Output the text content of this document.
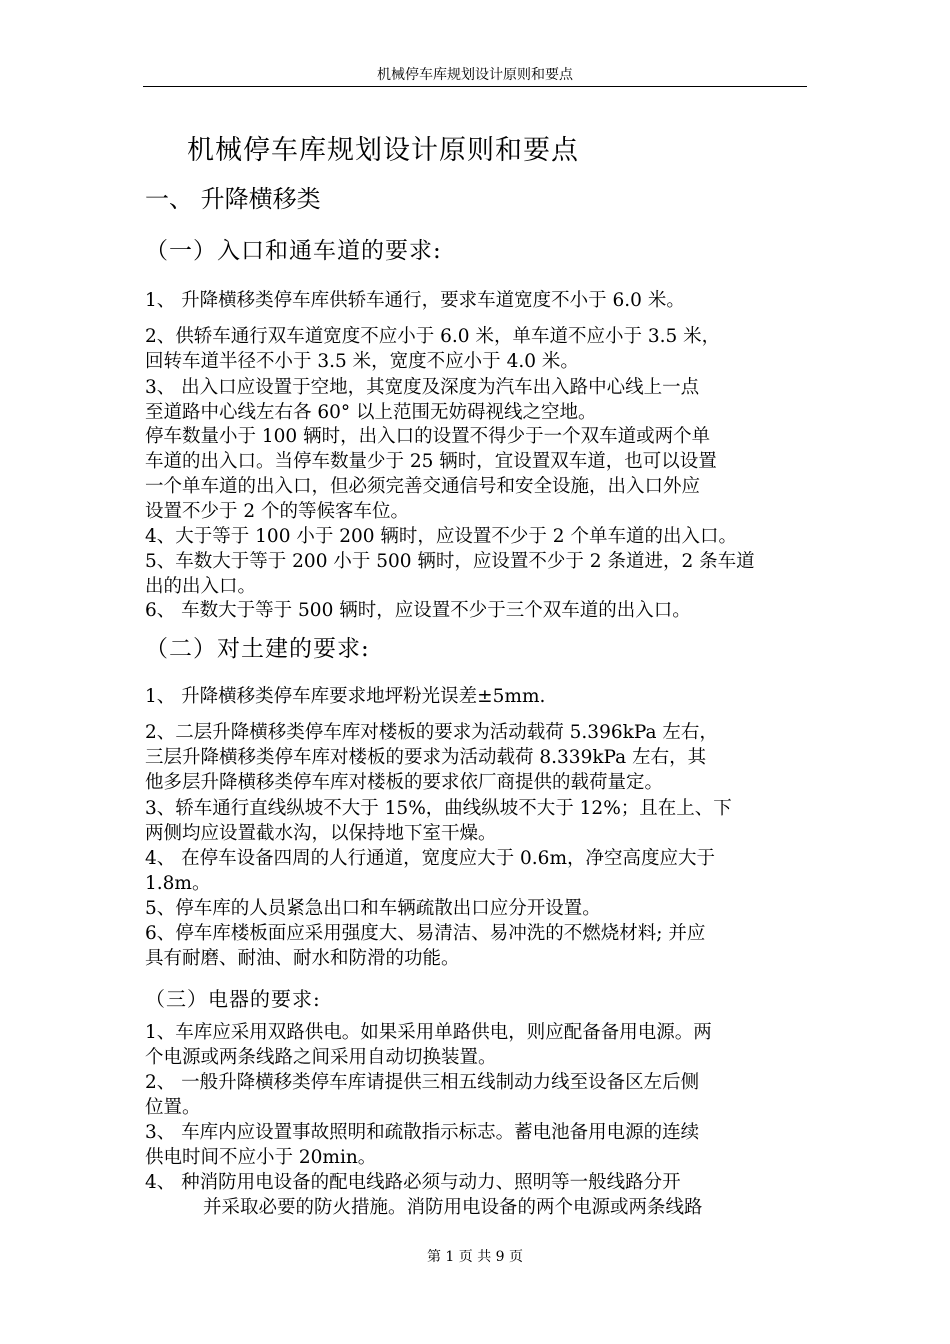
机械停车库规划设计原则和要点
机械停车库规划设计原则和要点
一、 升降横移类
（一）入口和通车道的要求:
1、 升降横移类停车库供轿车通行，要求车道宽度不小于 6.0 米。
2、供轿车通行双车道宽度不应小于 6.0 米，单车道不应小于 3.5 米，
回转车道半径不小于 3.5 米，宽度不应小于 4.0 米。
3、 出入口应设置于空地，其宽度及深度为汽车出入路中心线上一点
至道路中心线左右各 60° 以上范围无妨碍视线之空地。
停车数量小于 100 辆时，出入口的设置不得少于一个双车道或两个单
车道的出入口。当停车数量少于 25 辆时，宜设置双车道，也可以设置
一个单车道的出入口，但必须完善交通信号和安全设施，出入口外应
设置不少于 2 个的等候客车位。
4、大于等于 100 小于 200 辆时，应设置不少于 2 个单车道的出入口。
5、车数大于等于 200 小于 500 辆时，应设置不少于 2 条道进，2 条车道
出的出入口。
6、 车数大于等于 500 辆时，应设置不少于三个双车道的出入口。
（二）对土建的要求:
1、 升降横移类停车库要求地坪粉光误差±5mm.
2、二层升降横移类停车库对楼板的要求为活动载荷 5.396kPa 左右，
三层升降横移类停车库对楼板的要求为活动载荷 8.339kPa 左右，其
他多层升降横移类停车库对楼板的要求依厂商提供的载荷量定。
3、轿车通行直线纵坡不大于 15%，曲线纵坡不大于 12%；且在上、下
两侧均应设置截水沟，以保持地下室干燥。
4、 在停车设备四周的人行通道，宽度应大于 0.6m，净空高度应大于
1.8m。
5、停车库的人员紧急出口和车辆疏散出口应分开设置。
6、停车库楼板面应采用强度大、易清洁、易冲洗的不燃烧材料; 并应
具有耐磨、耐油、耐水和防滑的功能。
（三）电器的要求:
1、车库应采用双路供电。如果采用单路供电，则应配备备用电源。两
个电源或两条线路之间采用自动切换装置。
2、 一般升降横移类停车库请提供三相五线制动力线至设备区左后侧
位置。
3、 车库内应设置事故照明和疏散指示标志。蓄电池备用电源的连续
供电时间不应小于 20min。
4、 种消防用电设备的配电线路必须与动力、照明等一般线路分开
并采取必要的防火措施。消防用电设备的两个电源或两条线路
第 1 页 共 9 页
